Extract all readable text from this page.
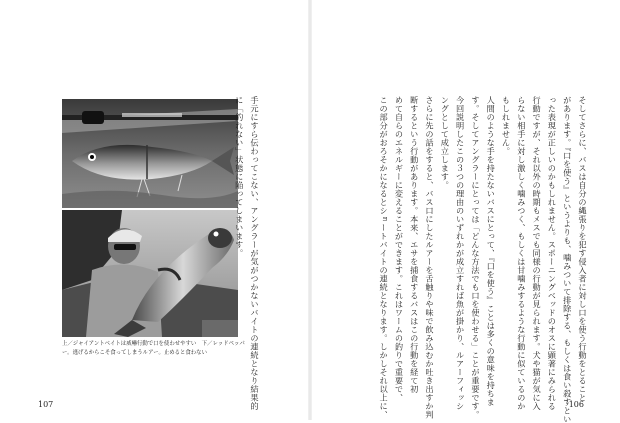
上／ジャイアントベイトは威嚇行動で口を使わせやすい　下／レッドペッパ
ー。逃げるからこそ食ってしまうルアー。止めると食わない	手元にすら伝わってこない、アングラーが気がつかないバイトの連続となり結果的
に「釣れない」状態に陥ってしまいます。
107
そしてさらに、バスは自分の縄張りを犯す侵入者に対し口を使う行動をとること
があります。『口を使う』というよりも、噛みついて排除する、もしくは食い殺すとい
った表現が正しいのかもしれません。スポーニングベッドのオスに顕著にみられる
行動ですが、それ以外の時期もメスでも同様の行動が見られます。犬や猫が気に入
らない相手に対し激しく噛みつく、もしくは甘噛みするような行動に似ているのか
もしれません。
人間のような手を持たないバスにとって、『口を使う』ことは多くの意味を持ちま
す。そしてアングラーにとっては「どんな方法でも口を使わせる」ことが重要です。
今回説明したこの３つの理由のいずれかが成立すれば魚が掛かり、ルアーフィッシ
ングとして成立します。
さらに先の話をすると、バス口にしたルアーを舌触りや味で飲み込むか吐き出すか判
断するという行動があります。本来、エサを捕食するバスはこの行動を経て初
めて自らのエネルギーに変えることができます。これはワームの釣りで重要で、
この部分がおろそかになるとショートバイトの連続となります。しかしそれ以上に、	106
